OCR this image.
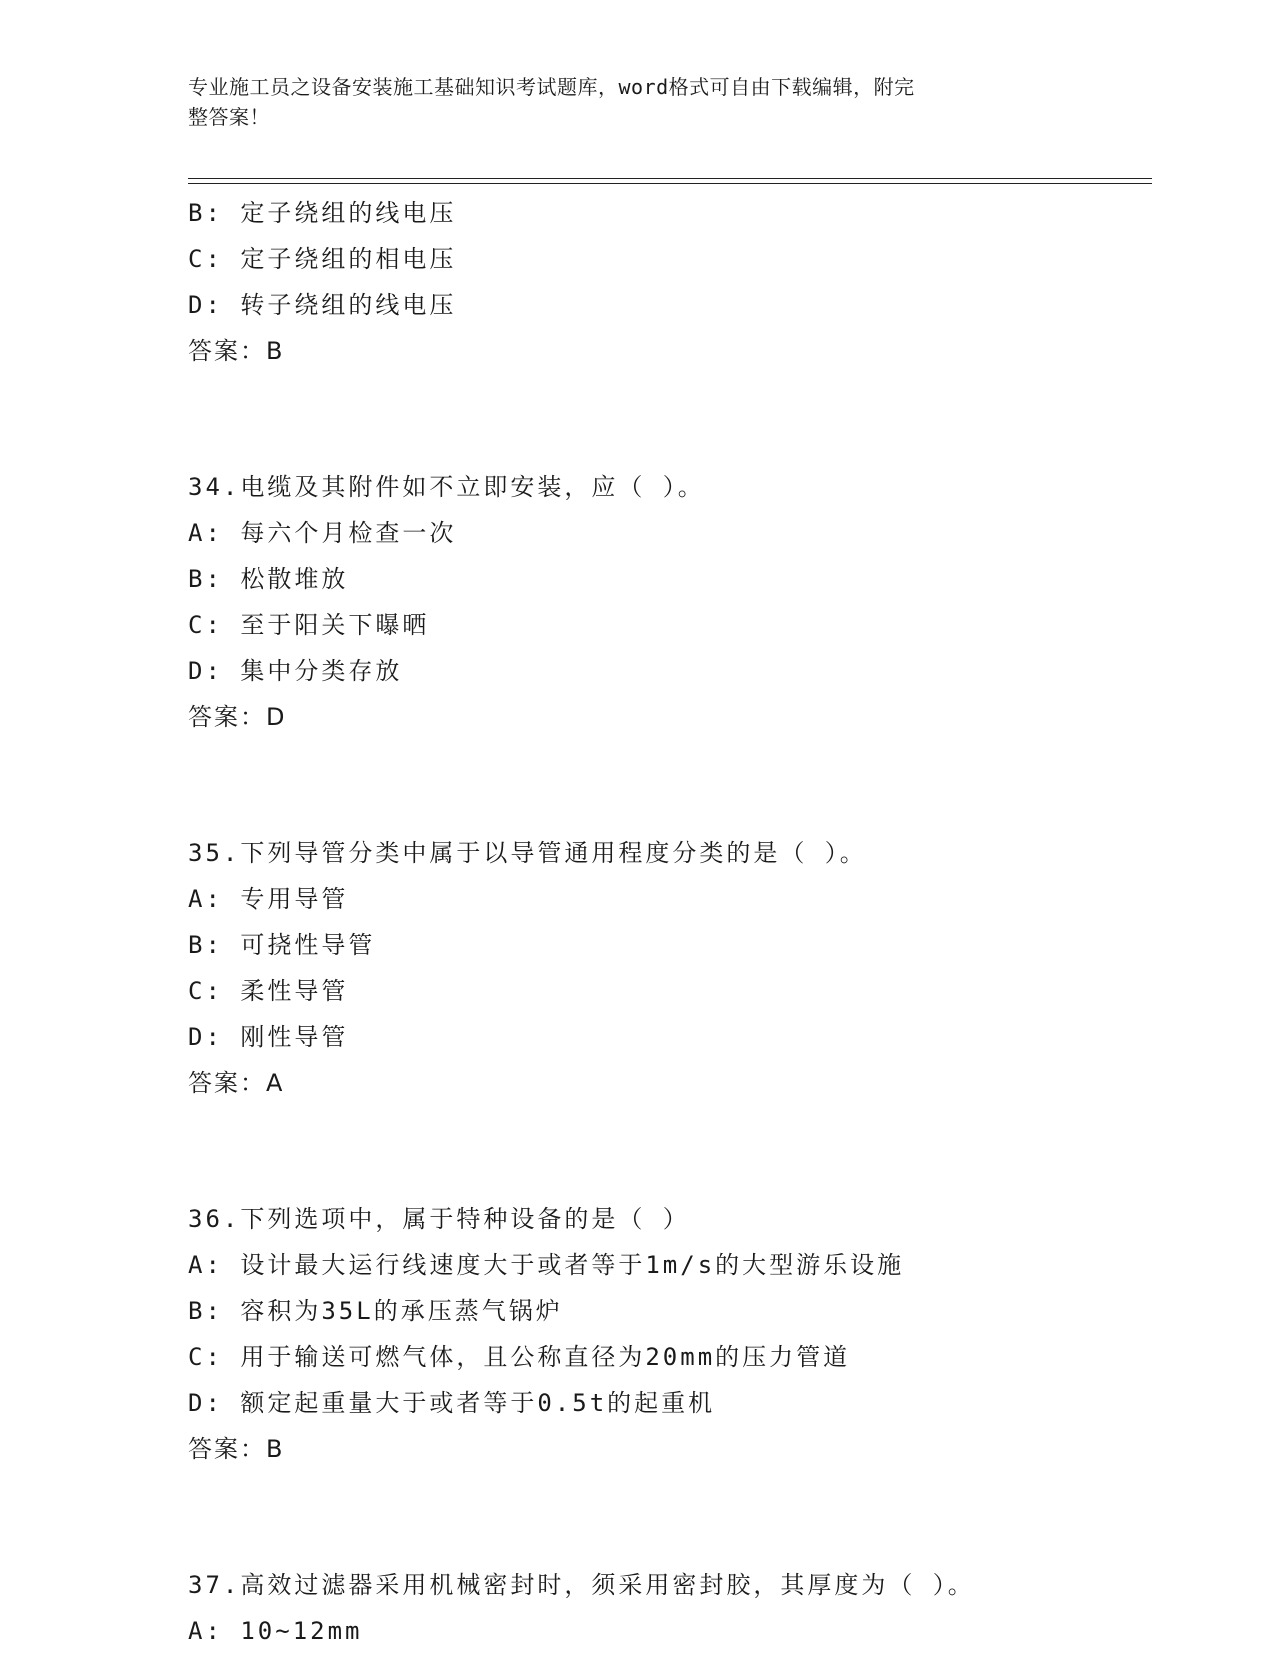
专业施工员之设备安装施工基础知识考试题库，word格式可自由下载编辑，附完
整答案！
B: 定子绕组的线电压
C: 定子绕组的相电压
D: 转子绕组的线电压
答案：B
34.电缆及其附件如不立即安装，应（ ）。
A: 每六个月检查一次
B: 松散堆放
C: 至于阳关下曝晒
D: 集中分类存放
答案：D
35.下列导管分类中属于以导管通用程度分类的是（ ）。
A: 专用导管
B: 可挠性导管
C: 柔性导管
D: 刚性导管
答案：A
36.下列选项中，属于特种设备的是（ ）
A: 设计最大运行线速度大于或者等于1m/s的大型游乐设施
B: 容积为35L的承压蒸气锅炉
C: 用于输送可燃气体，且公称直径为20mm的压力管道
D: 额定起重量大于或者等于0.5t的起重机
答案：B
37.高效过滤器采用机械密封时，须采用密封胶，其厚度为（ ）。
A: 10~12mm
